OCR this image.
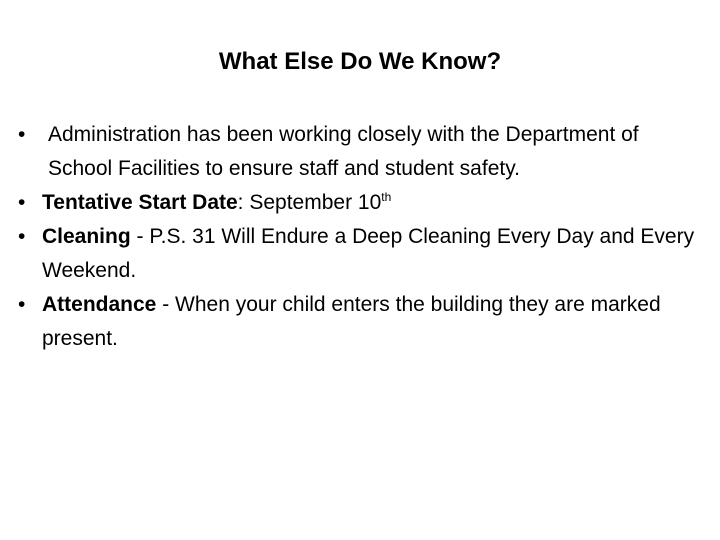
What Else Do We Know?
• Administration has been working closely with the Department of School Facilities to ensure staff and student safety.
• Tentative Start Date: September 10th
• Cleaning - P.S. 31 Will Endure a Deep Cleaning Every Day and Every Weekend.
• Attendance - When your child enters the building they are marked present.
